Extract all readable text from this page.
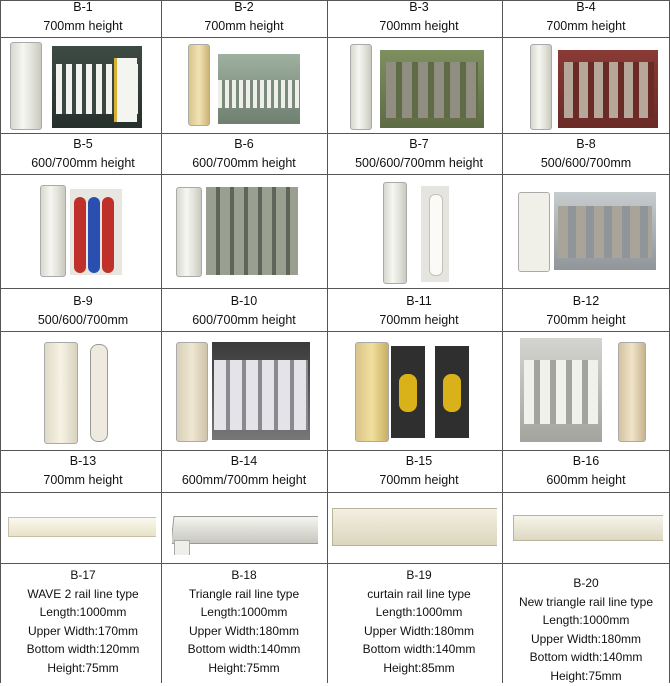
B-1
700mm height
B-2
700mm height
B-3
700mm height
B-4
700mm height
B-5
600/700mm height
B-6
600/700mm height
B-7
500/600/700mm height
B-8
500/600/700mm
B-9
500/600/700mm
B-10
600/700mm height
B-11
700mm height
B-12
700mm height
B-13
700mm height
B-14
600mm/700mm height
B-15
700mm height
B-16
600mm height
B-17
WAVE 2 rail line type
Length:1000mm
Upper Width:170mm
Bottom width:120mm
Height:75mm
B-18
Triangle rail line type
Length:1000mm
Upper Width:180mm
Bottom width:140mm
Height:75mm
B-19
curtain rail line type
Length:1000mm
Upper Width:180mm
Bottom width:140mm
Height:85mm
B-20
New triangle rail line type
Length:1000mm
Upper Width:180mm
Bottom width:140mm
Height:75mm
